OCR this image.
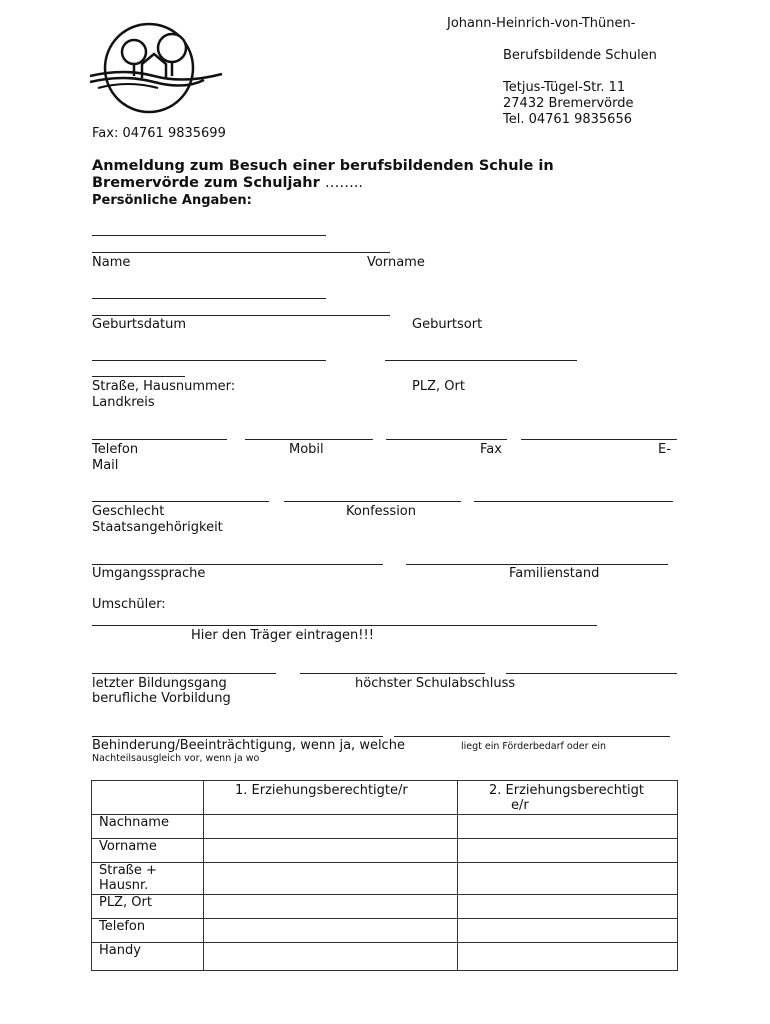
Johann-Heinrich-von-Thünen-

Berufsbildende Schulen

Tetjus-Tügel-Str. 11
27432 Bremervörde
Tel. 04761 9835656
Fax: 04761 9835699
Anmeldung zum Besuch einer berufsbildenden Schule in
Bremervörde zum Schuljahr ……..
Persönliche Angaben:
Name	Vorname
Geburtsdatum	Geburtsort
Straße, Hausnummer:	PLZ, Ort
Landkreis
Telefon	Mobil	Fax	E-
Mail
Geschlecht	Konfession
Staatsangehörigkeit
Umgangssprache	Familienstand
Umschüler:
Hier den Träger eintragen!!!
letzter Bildungsgang	höchster Schulabschluss
berufliche Vorbildung
Behinderung/Beeinträchtigung, wenn ja, welche	liegt ein Förderbedarf oder ein
Nachteilsausgleich vor, wenn ja wo
	1. Erziehungsberechtigte/r	2. Erziehungsberechtigt
e/r
Nachname		
Vorname		
Straße +
Hausnr.		
PLZ, Ort		
Telefon		
Handy		
